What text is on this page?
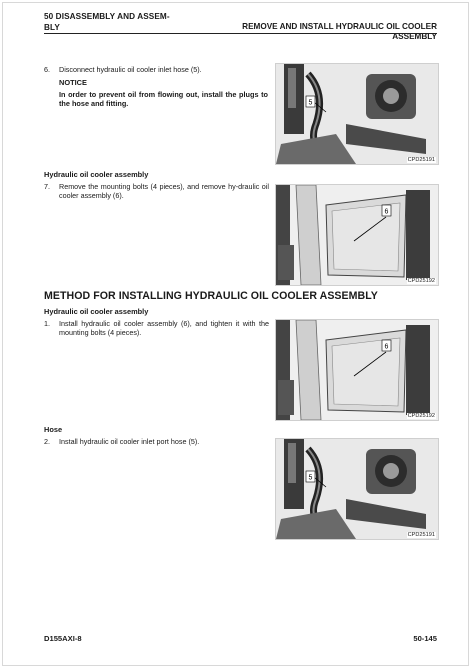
50 DISASSEMBLY AND ASSEM-
BLY	REMOVE AND INSTALL HYDRAULIC OIL COOLER ASSEMBLY
6. Disconnect hydraulic oil cooler inlet hose (5).
NOTICE
In order to prevent oil from flowing out, install the plugs to the hose and fitting.	5
CPD25191
Hydraulic oil cooler assembly
7. Remove the mounting bolts (4 pieces), and remove hy-draulic oil cooler assembly (6).
6
CPD25192
METHOD FOR INSTALLING HYDRAULIC OIL COOLER ASSEMBLY
Hydraulic oil cooler assembly
1. Install hydraulic oil cooler assembly (6), and tighten it with the mounting bolts (4 pieces).
6
CPD25192
Hose
2. Install hydraulic oil cooler inlet port hose (5).
5
CPD25191
D155AXI-8	50-145
